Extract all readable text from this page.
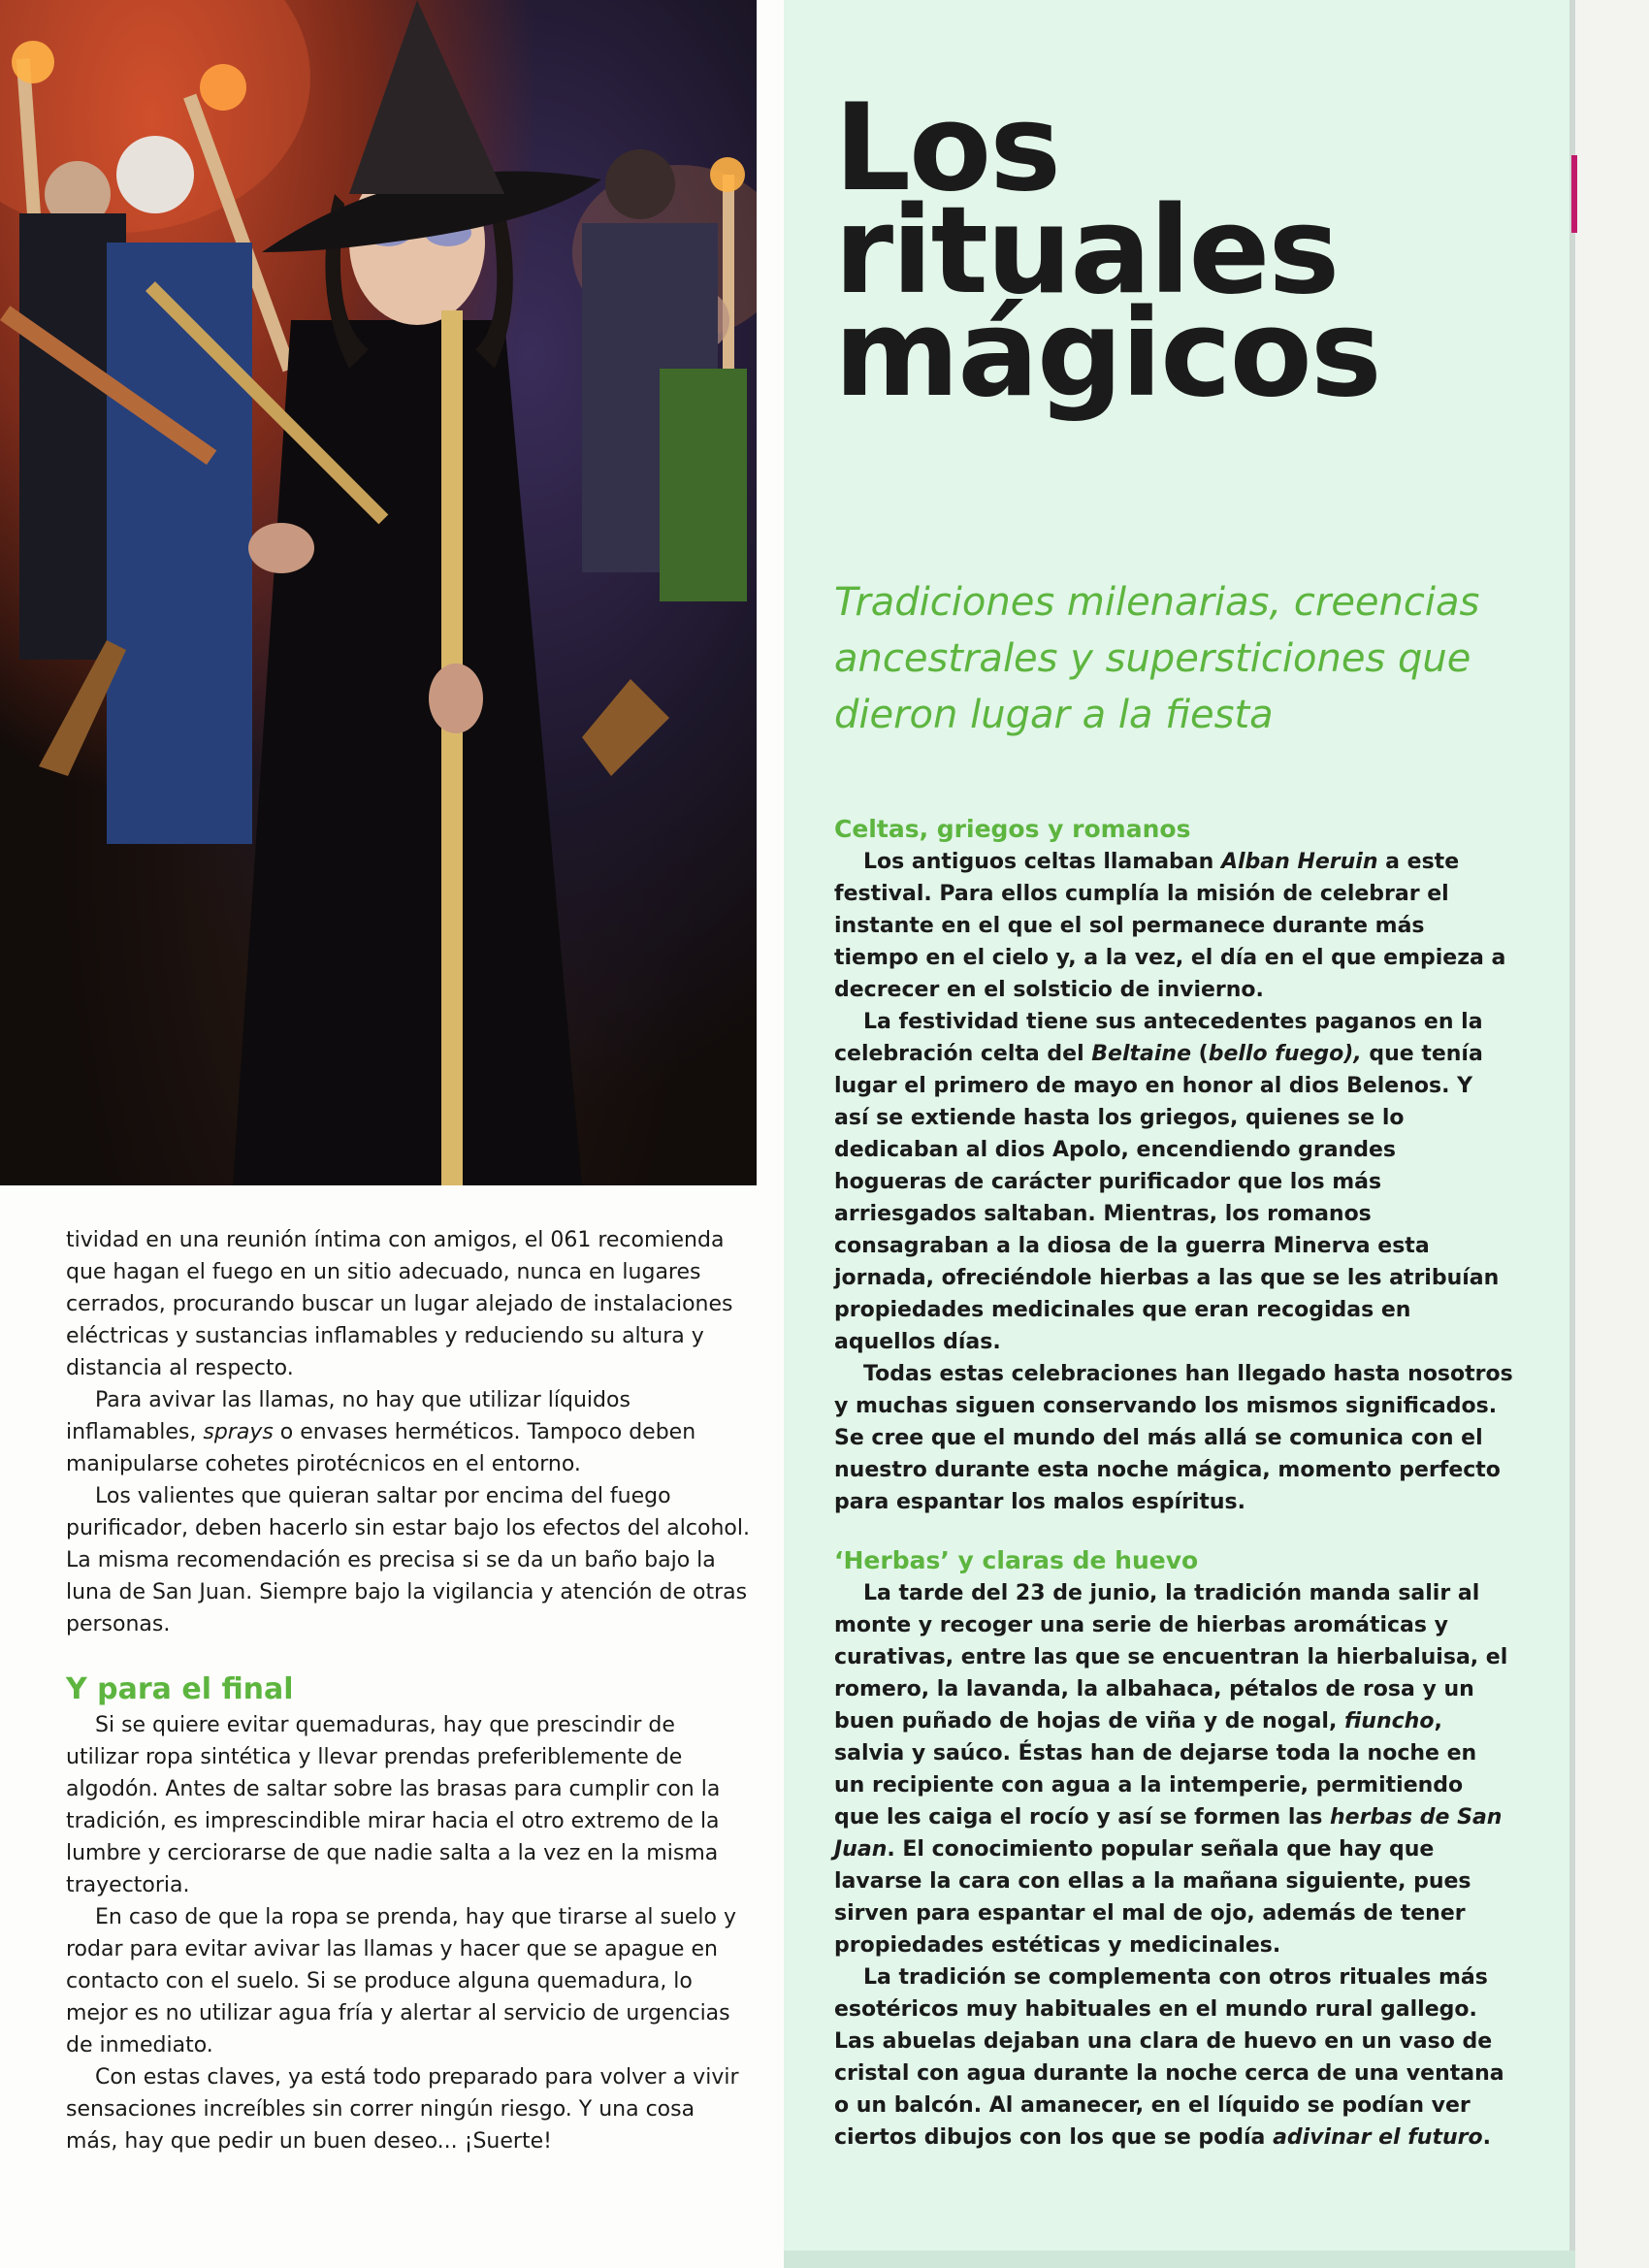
Los
rituales
mágicos
Tradiciones milenarias, creencias ancestrales y supersticiones que dieron lugar a la fiesta

tividad en una reunión íntima con amigos, el 061 recomienda que hagan el fuego en un sitio adecuado, nunca en lugares cerrados, procurando buscar un lugar alejado de instalaciones eléctricas y sustancias inflamables y reduciendo su altura y distancia al respecto.

Para avivar las llamas, no hay que utilizar líquidos inflamables, sprays o envases herméticos. Tampoco deben manipularse cohetes pirotécnicos en el entorno.

Los valientes que quieran saltar por encima del fuego purificador, deben hacerlo sin estar bajo los efectos del alcohol. La misma recomendación es precisa si se da un baño bajo la luna de San Juan. Siempre bajo la vigilancia y atención de otras personas.

Y para el final

Si se quiere evitar quemaduras, hay que prescindir de utilizar ropa sintética y llevar prendas preferiblemente de algodón. Antes de saltar sobre las brasas para cumplir con la tradición, es imprescindible mirar hacia el otro extremo de la lumbre y cerciorarse de que nadie salta a la vez en la misma trayectoria.

En caso de que la ropa se prenda, hay que tirarse al suelo y rodar para evitar avivar las llamas y hacer que se apague en contacto con el suelo. Si se produce alguna quemadura, lo mejor es no utilizar agua fría y alertar al servicio de urgencias de inmediato.

Con estas claves, ya está todo preparado para volver a vivir sensaciones increíbles sin correr ningún riesgo. Y una cosa más, hay que pedir un buen deseo... ¡Suerte!

Celtas, griegos y romanos

Los antiguos celtas llamaban Alban Heruin a este festival. Para ellos cumplía la misión de celebrar el instante en el que el sol permanece durante más tiempo en el cielo y, a la vez, el día en el que empieza a decrecer en el solsticio de invierno.

La festividad tiene sus antecedentes paganos en la celebración celta del Beltaine (bello fuego), que tenía lugar el primero de mayo en honor al dios Belenos. Y así se extiende hasta los griegos, quienes se lo dedicaban al dios Apolo, encendiendo grandes hogueras de carácter purificador que los más arriesgados saltaban. Mientras, los romanos consagraban a la diosa de la guerra Minerva esta jornada, ofreciéndole hierbas a las que se les atribuían propiedades medicinales que eran recogidas en aquellos días.

Todas estas celebraciones han llegado hasta nosotros y muchas siguen conservando los mismos significados. Se cree que el mundo del más allá se comunica con el nuestro durante esta noche mágica, momento perfecto para espantar los malos espíritus.

‘Herbas’ y claras de huevo

La tarde del 23 de junio, la tradición manda salir al monte y recoger una serie de hierbas aromáticas y curativas, entre las que se encuentran la hierbaluisa, el romero, la lavanda, la albahaca, pétalos de rosa y un buen puñado de hojas de viña y de nogal, fiuncho, salvia y saúco. Éstas han de dejarse toda la noche en un recipiente con agua a la intemperie, permitiendo que les caiga el rocío y así se formen las herbas de San Juan. El conocimiento popular señala que hay que lavarse la cara con ellas a la mañana siguiente, pues sirven para espantar el mal de ojo, además de tener propiedades estéticas y medicinales.

La tradición se complementa con otros rituales más esotéricos muy habituales en el mundo rural gallego. Las abuelas dejaban una clara de huevo en un vaso de cristal con agua durante la noche cerca de una ventana o un balcón. Al amanecer, en el líquido se podían ver ciertos dibujos con los que se podía adivinar el futuro.
